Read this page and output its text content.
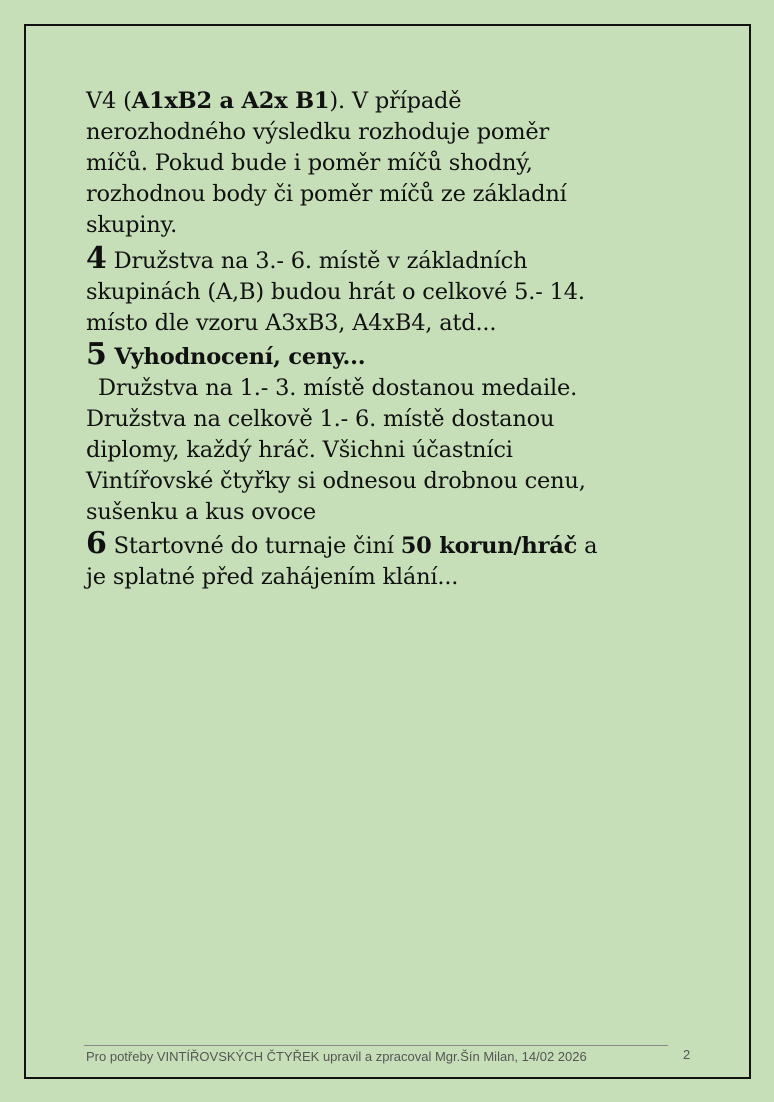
V4 (A1xB2 a A2x B1). V případě
nerozhodného výsledku rozhoduje poměr
míčů. Pokud bude i poměr míčů shodný,
rozhodnou body či poměr míčů ze základní
skupiny.

4 Družstva na 3.- 6. místě v základních
skupinách (A,B) budou hrát o celkové 5.- 14.
místo dle vzoru A3xB3, A4xB4, atd...

5 Vyhodnocení, ceny...
Družstva na 1.- 3. místě dostanou medaile.
Družstva na celkově 1.- 6. místě dostanou
diplomy, každý hráč. Všichni účastníci
Vintířovské čtyřky si odnesou drobnou cenu,
sušenku a kus ovoce

6 Startovné do turnaje činí 50 korun/hráč a
je splatné před zahájením klání...

Pro potřeby VINTÍŘOVSKÝCH ČTYŘEK upravil a zpracoval Mgr.Šín Milan, 14/02 2026	2
